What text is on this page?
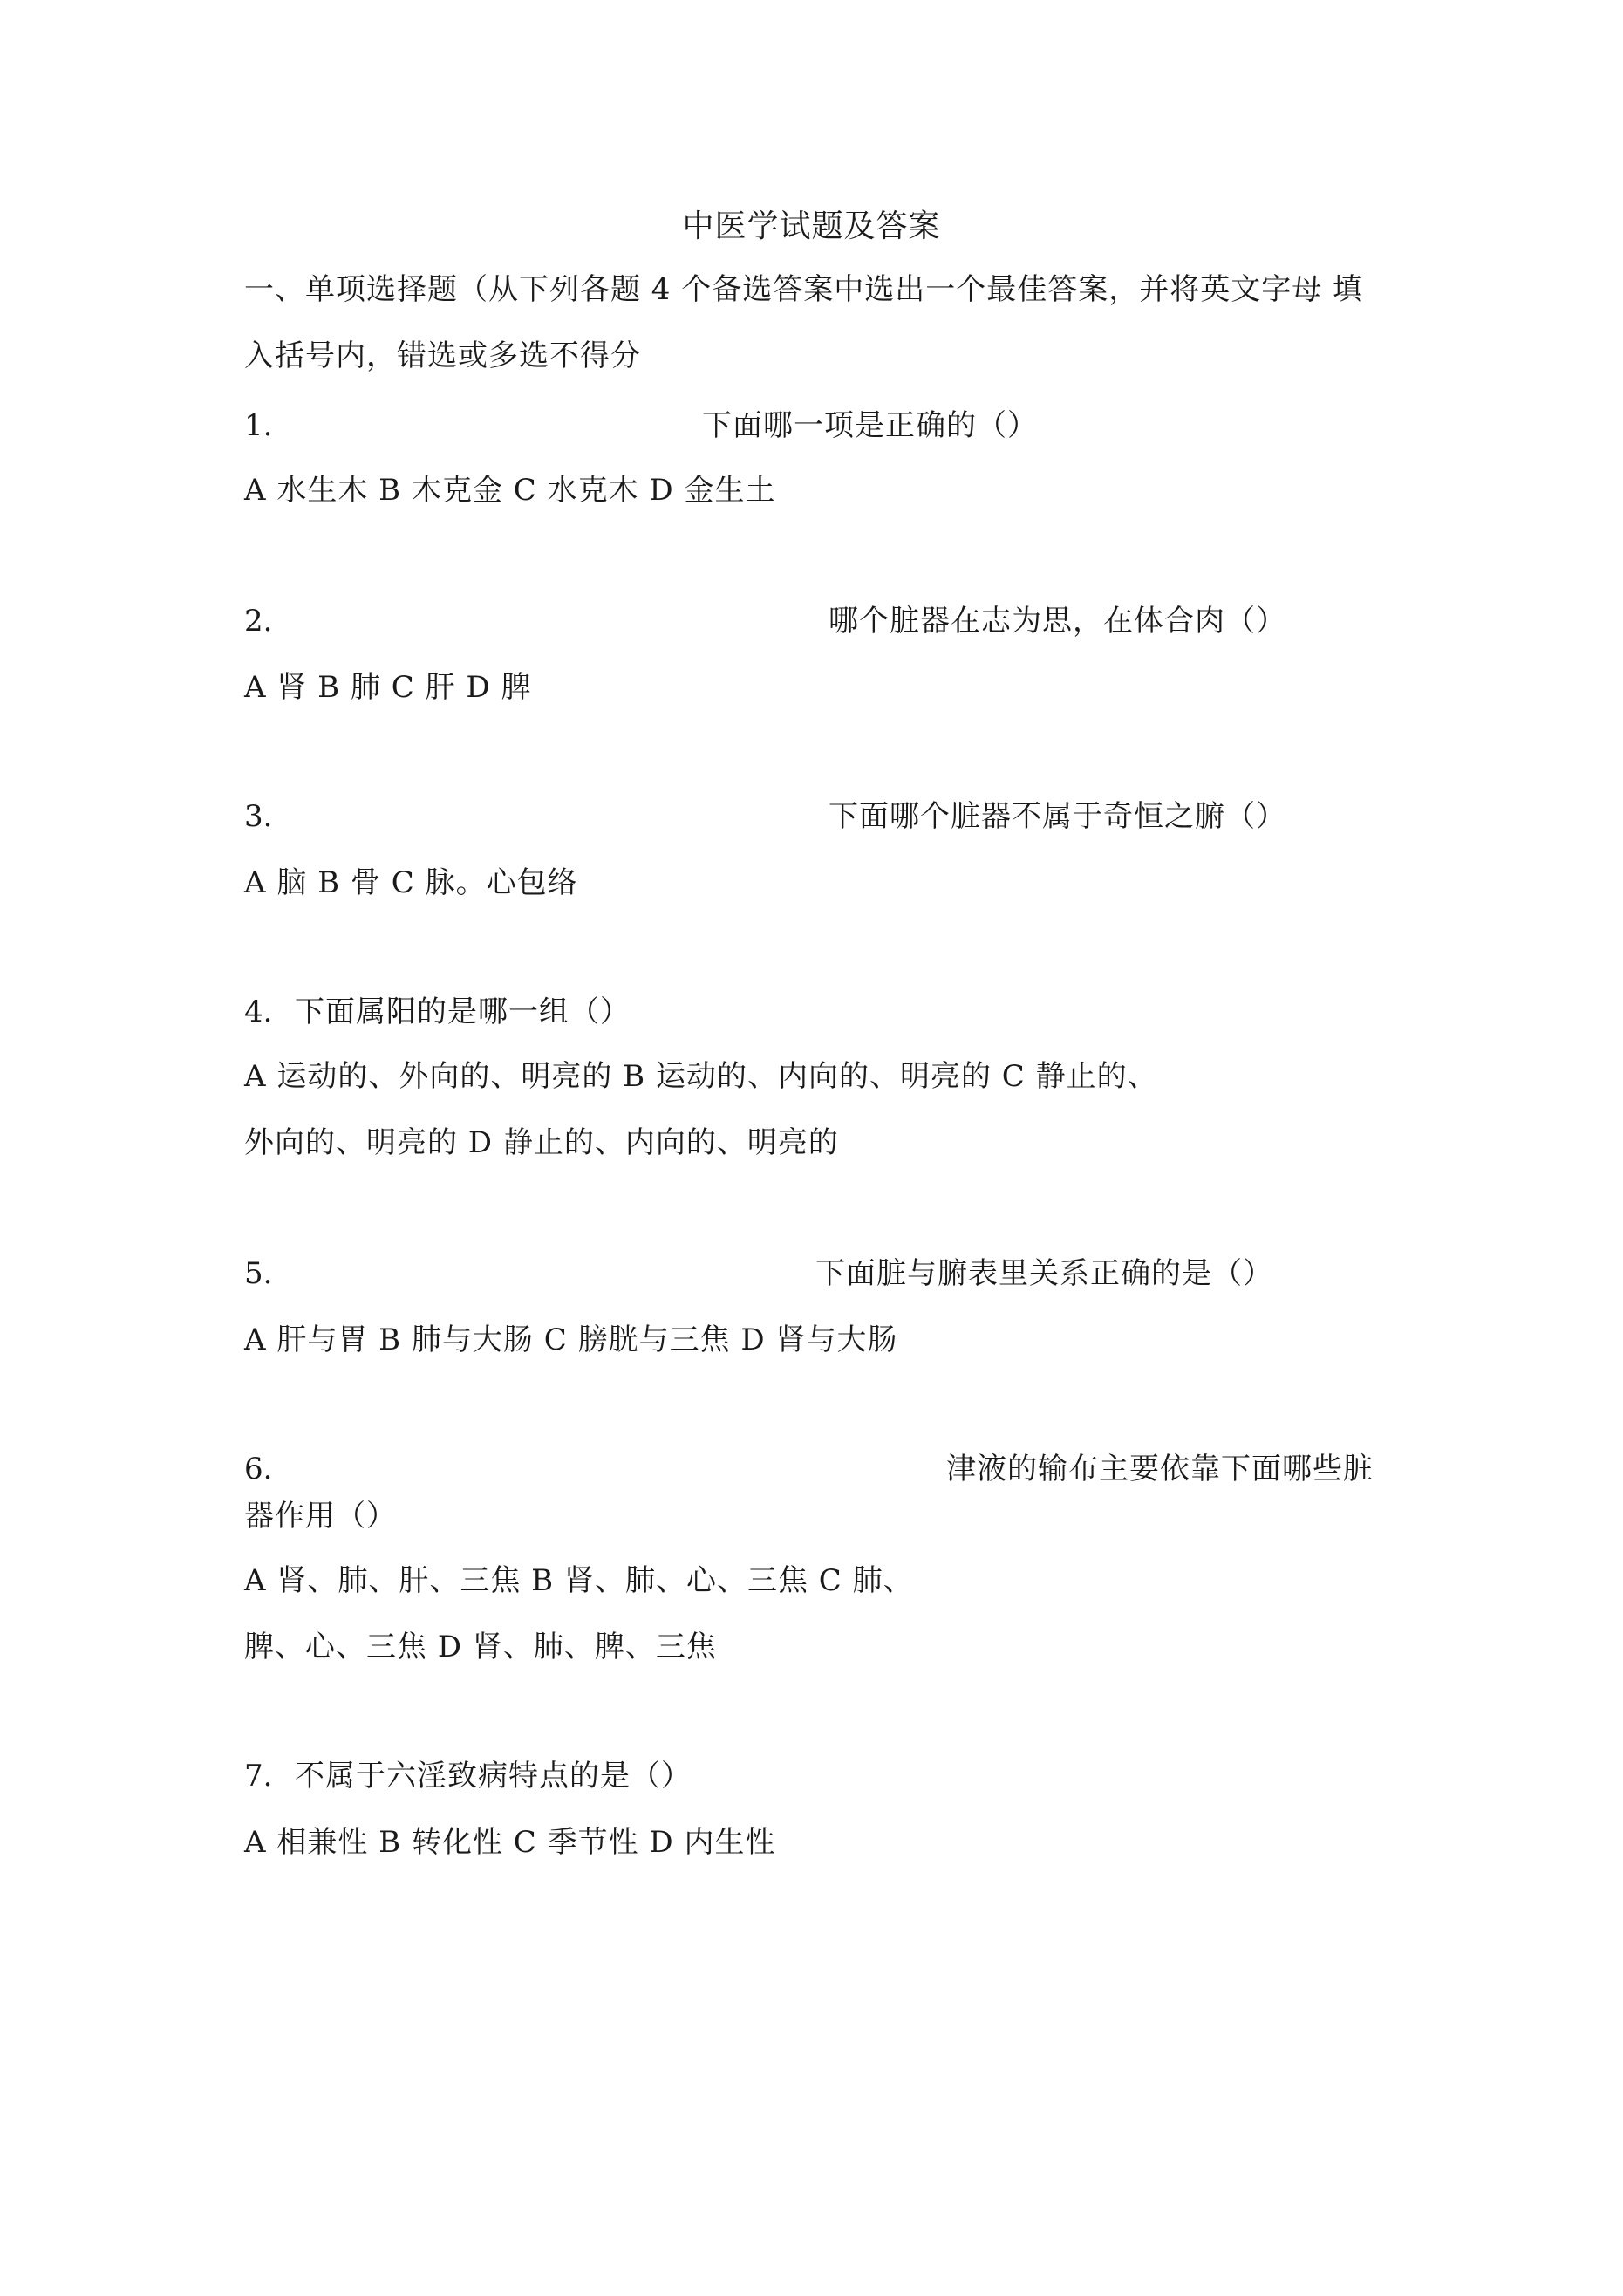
中医学试题及答案
一、单项选择题（从下列各题 4 个备选答案中选出一个最佳答案，并将英文字母 填
入括号内，错选或多选不得分
1.	下面哪一项是正确的（）
A 水生木 B 木克金 C 水克木 D 金生土
2.	哪个脏器在志为思，在体合肉（）
A 肾 B 肺 C 肝 D 脾
3.	下面哪个脏器不属于奇恒之腑（）
A 脑 B 骨 C 脉。心包络
4. 下面属阳的是哪一组（）
A 运动的、外向的、明亮的 B 运动的、内向的、明亮的 C 静止的、
外向的、明亮的 D 静止的、内向的、明亮的
5.	下面脏与腑表里关系正确的是（）
A 肝与胃 B 肺与大肠 C 膀胱与三焦 D 肾与大肠
6.	津液的输布主要依靠下面哪些脏
器作用（）
A 肾、肺、肝、三焦 B 肾、肺、心、三焦 C 肺、
脾、心、三焦 D 肾、肺、脾、三焦
7. 不属于六淫致病特点的是（）
A 相兼性 B 转化性 C 季节性 D 内生性
